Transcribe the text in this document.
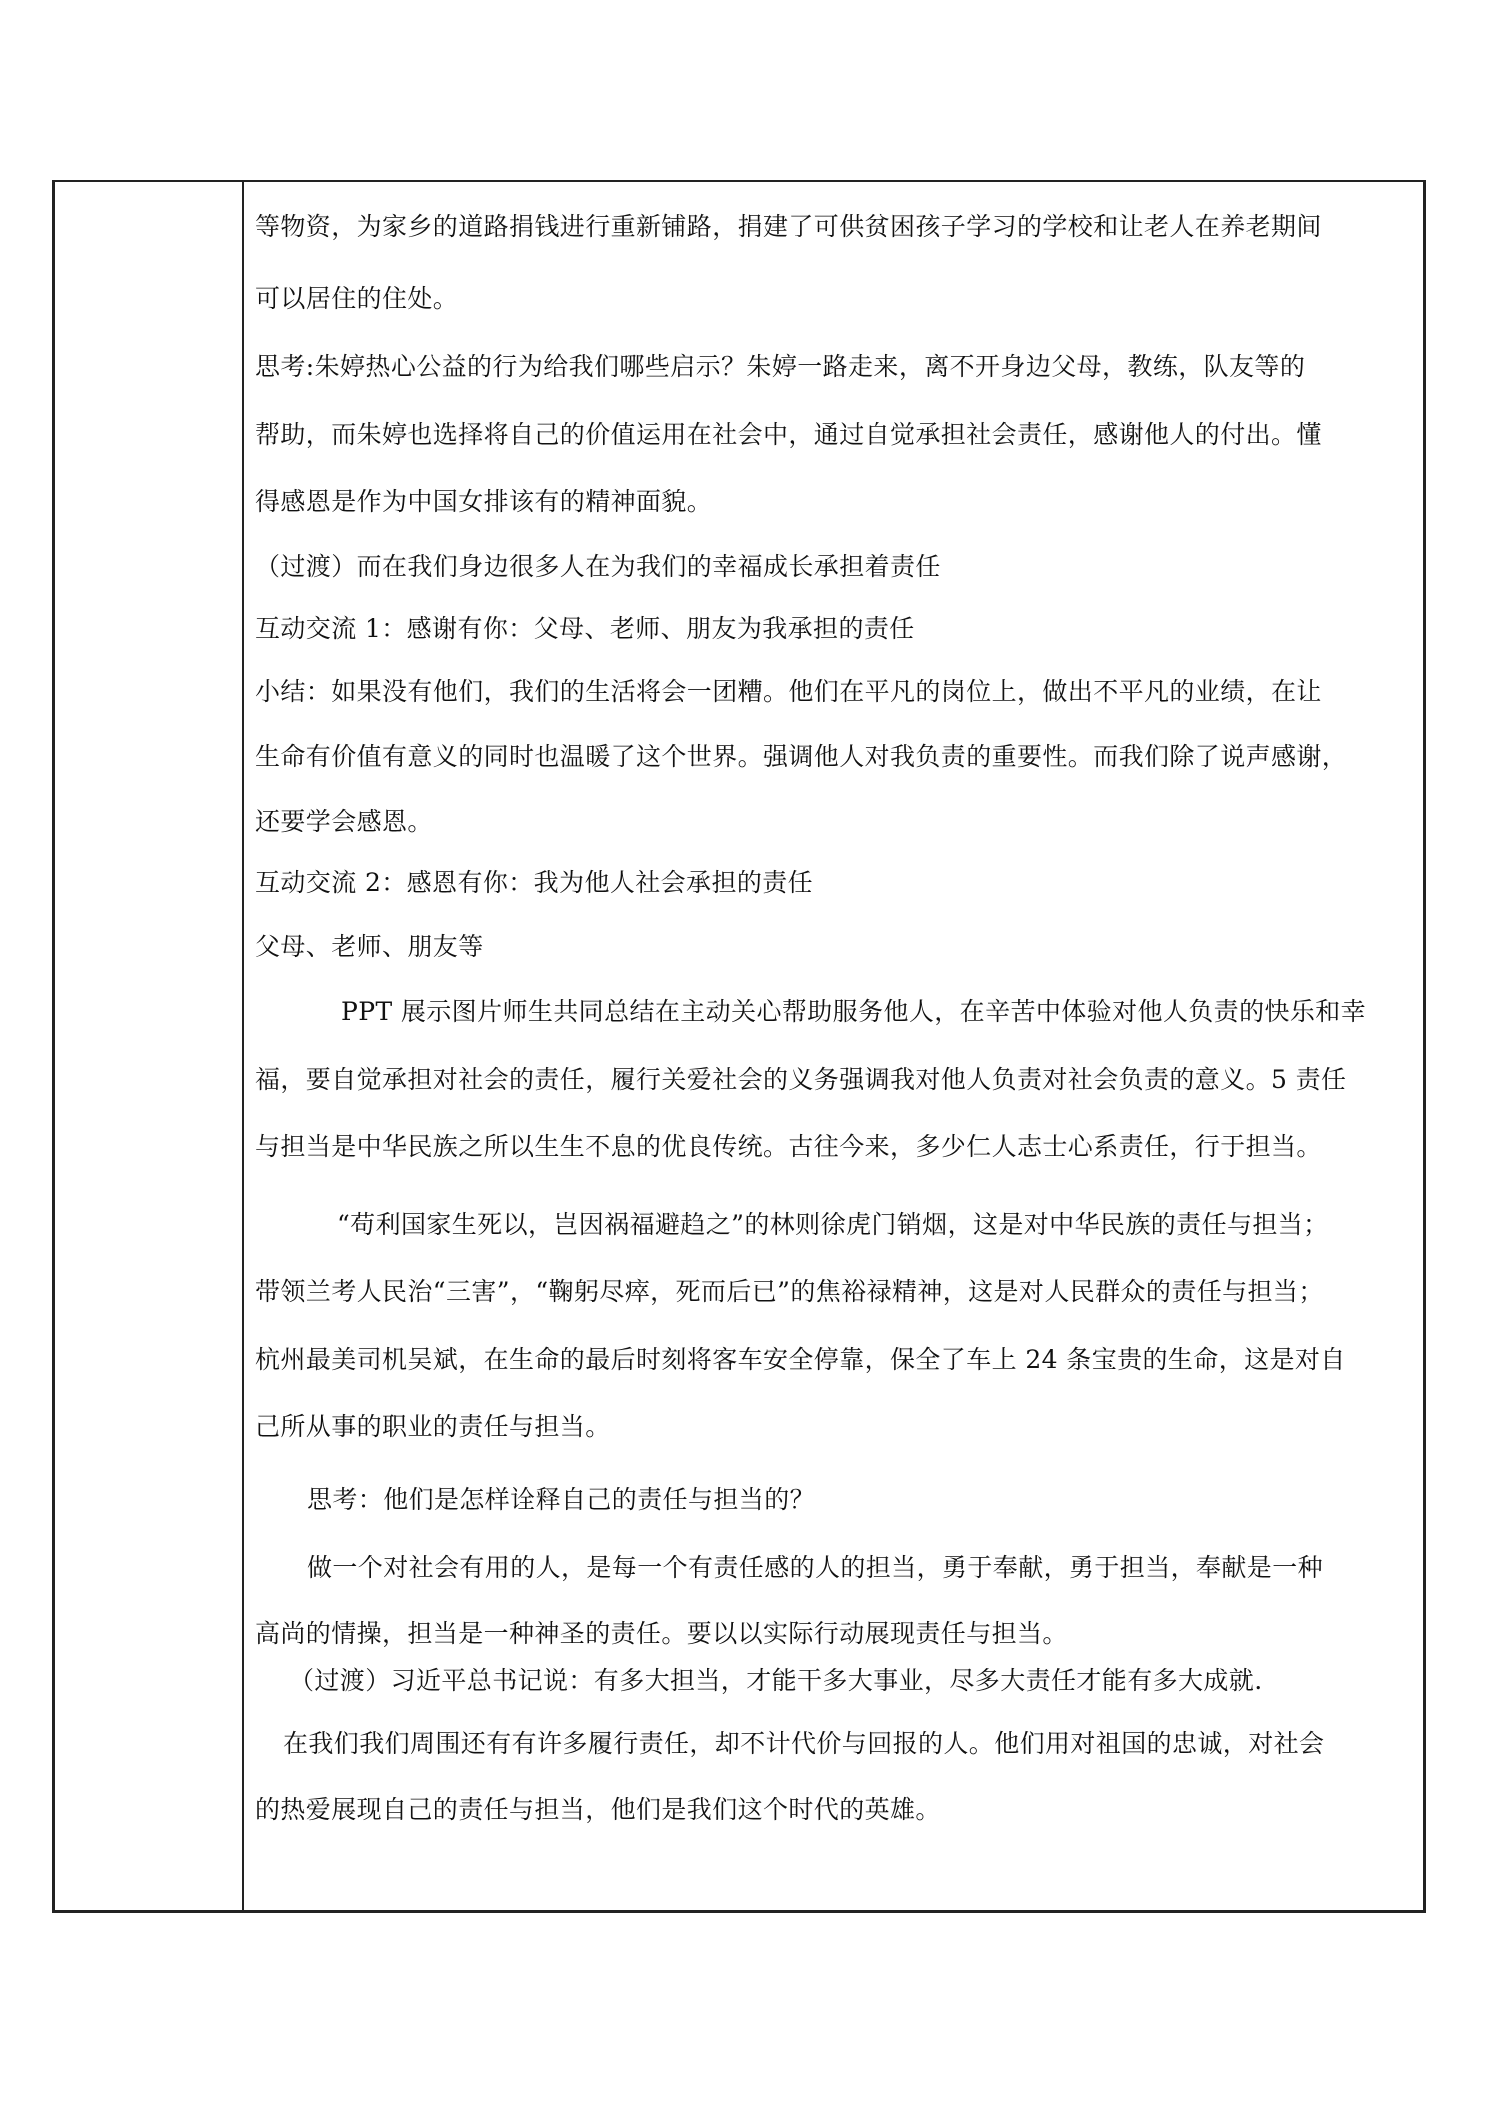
等物资，为家乡的道路捐钱进行重新铺路，捐建了可供贫困孩子学习的学校和让老人在养老期间
可以居住的住处。
思考:朱婷热心公益的行为给我们哪些启示？朱婷一路走来，离不开身边父母，教练，队友等的
帮助，而朱婷也选择将自己的价值运用在社会中，通过自觉承担社会责任，感谢他人的付出。懂
得感恩是作为中国女排该有的精神面貌。
（过渡）而在我们身边很多人在为我们的幸福成长承担着责任
互动交流 1：感谢有你：父母、老师、朋友为我承担的责任
小结：如果没有他们，我们的生活将会一团糟。他们在平凡的岗位上，做出不平凡的业绩，在让
生命有价值有意义的同时也温暖了这个世界。强调他人对我负责的重要性。而我们除了说声感谢，
还要学会感恩。
互动交流 2：感恩有你：我为他人社会承担的责任
父母、老师、朋友等
PPT 展示图片师生共同总结在主动关心帮助服务他人，在辛苦中体验对他人负责的快乐和幸
福，要自觉承担对社会的责任，履行关爱社会的义务强调我对他人负责对社会负责的意义。5 责任
与担当是中华民族之所以生生不息的优良传统。古往今来，多少仁人志士心系责任，行于担当。
“苟利国家生死以，岂因祸福避趋之”的林则徐虎门销烟，这是对中华民族的责任与担当；
带领兰考人民治“三害”，“鞠躬尽瘁，死而后已”的焦裕禄精神，这是对人民群众的责任与担当；
杭州最美司机吴斌，在生命的最后时刻将客车安全停靠，保全了车上 24 条宝贵的生命，这是对自
己所从事的职业的责任与担当。
思考：他们是怎样诠释自己的责任与担当的？
做一个对社会有用的人，是每一个有责任感的人的担当，勇于奉献，勇于担当，奉献是一种
高尚的情操，担当是一种神圣的责任。要以以实际行动展现责任与担当。
（过渡）习近平总书记说：有多大担当，才能干多大事业，尽多大责任才能有多大成就.
在我们我们周围还有有许多履行责任，却不计代价与回报的人。他们用对祖国的忠诚，对社会
的热爱展现自己的责任与担当，他们是我们这个时代的英雄。
